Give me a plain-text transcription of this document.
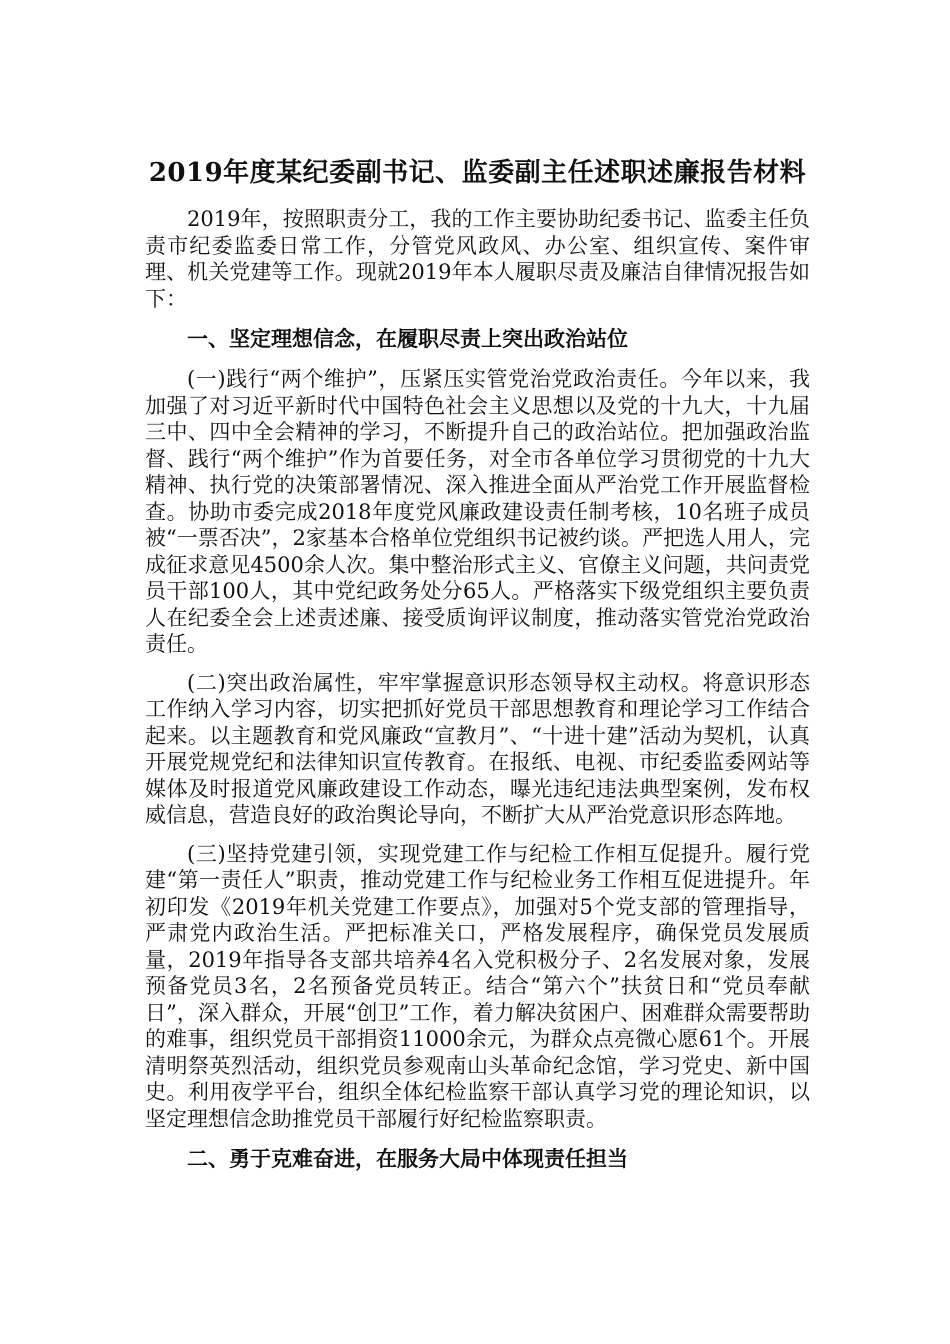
2019年度某纪委副书记、监委副主任述职述廉报告材料

2019年，按照职责分工，我的工作主要协助纪委书记、监委主任负责市纪委监委日常工作，分管党风政风、办公室、组织宣传、案件审理、机关党建等工作。现就2019年本人履职尽责及廉洁自律情况报告如下：

一、坚定理想信念，在履职尽责上突出政治站位

(一)践行“两个维护”，压紧压实管党治党政治责任。今年以来，我加强了对习近平新时代中国特色社会主义思想以及党的十九大，十九届三中、四中全会精神的学习，不断提升自己的政治站位。把加强政治监督、践行“两个维护”作为首要任务，对全市各单位学习贯彻党的十九大精神、执行党的决策部署情况、深入推进全面从严治党工作开展监督检查。协助市委完成2018年度党风廉政建设责任制考核，10名班子成员被“一票否决”，2家基本合格单位党组织书记被约谈。严把选人用人，完成征求意见4500余人次。集中整治形式主义、官僚主义问题，共问责党员干部100人，其中党纪政务处分65人。严格落实下级党组织主要负责人在纪委全会上述责述廉、接受质询评议制度，推动落实管党治党政治责任。

(二)突出政治属性，牢牢掌握意识形态领导权主动权。将意识形态工作纳入学习内容，切实把抓好党员干部思想教育和理论学习工作结合起来。以主题教育和党风廉政“宣教月”、“十进十建”活动为契机，认真开展党规党纪和法律知识宣传教育。在报纸、电视、市纪委监委网站等媒体及时报道党风廉政建设工作动态，曝光违纪违法典型案例，发布权威信息，营造良好的政治舆论导向，不断扩大从严治党意识形态阵地。

(三)坚持党建引领，实现党建工作与纪检工作相互促提升。履行党建“第一责任人”职责，推动党建工作与纪检业务工作相互促进提升。年初印发《2019年机关党建工作要点》，加强对5个党支部的管理指导，严肃党内政治生活。严把标准关口，严格发展程序，确保党员发展质量，2019年指导各支部共培养4名入党积极分子、2名发展对象，发展预备党员3名，2名预备党员转正。结合“第六个”扶贫日和“党员奉献日”，深入群众，开展“创卫”工作，着力解决贫困户、困难群众需要帮助的难事，组织党员干部捐资11000余元，为群众点亮微心愿61个。开展清明祭英烈活动，组织党员参观南山头革命纪念馆，学习党史、新中国史。利用夜学平台，组织全体纪检监察干部认真学习党的理论知识，以坚定理想信念助推党员干部履行好纪检监察职责。

二、勇于克难奋进，在服务大局中体现责任担当
